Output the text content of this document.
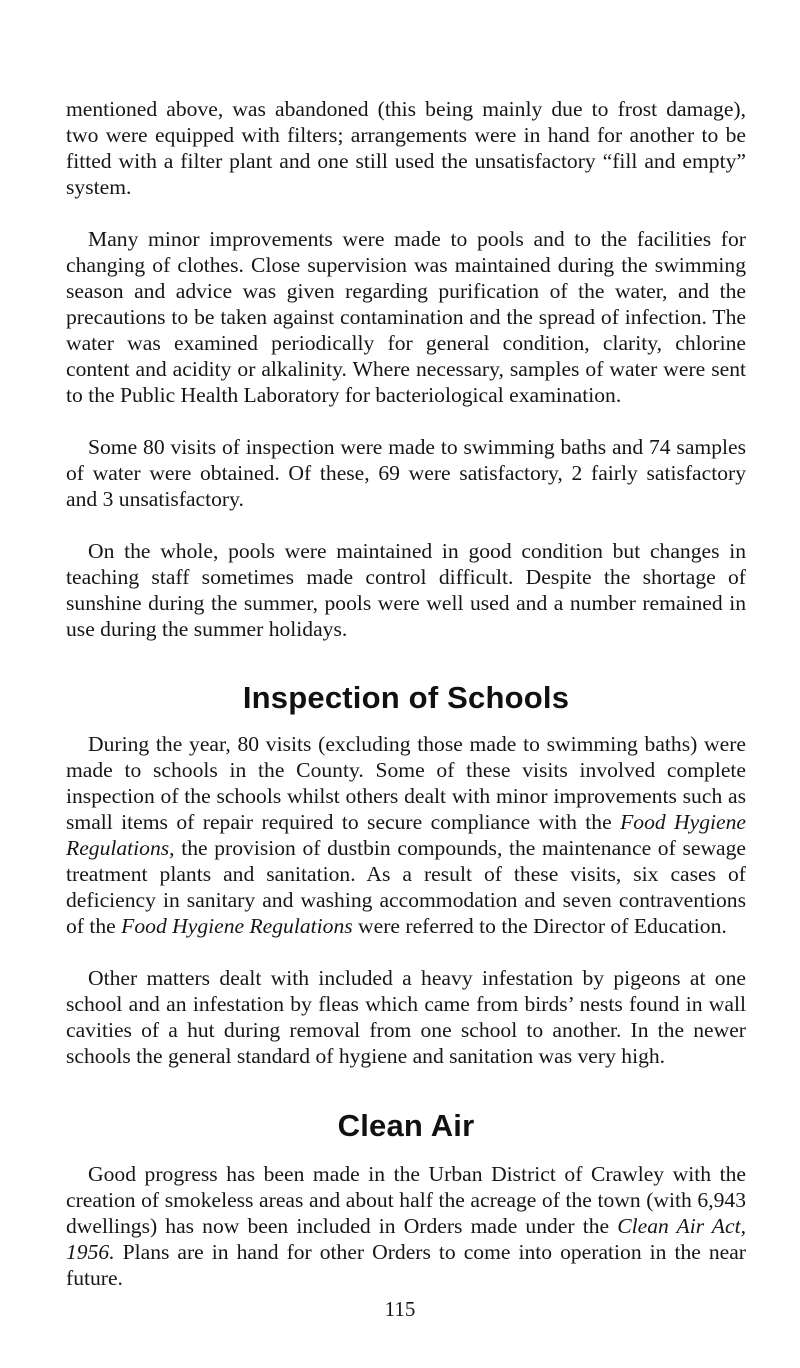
mentioned above, was abandoned (this being mainly due to frost damage), two were equipped with filters; arrangements were in hand for another to be fitted with a filter plant and one still used the unsatisfactory “fill and empty” system.

Many minor improvements were made to pools and to the facilities for changing of clothes. Close supervision was maintained during the swimming season and advice was given regarding purification of the water, and the precautions to be taken against contamination and the spread of infection. The water was examined periodically for general condition, clarity, chlorine content and acidity or alkalinity. Where necessary, samples of water were sent to the Public Health Laboratory for bacteriological examination.

Some 80 visits of inspection were made to swimming baths and 74 samples of water were obtained. Of these, 69 were satisfactory, 2 fairly satisfactory and 3 unsatisfactory.

On the whole, pools were maintained in good condition but changes in teaching staff sometimes made control difficult. Despite the shortage of sunshine during the summer, pools were well used and a number remained in use during the summer holidays.

Inspection of Schools

During the year, 80 visits (excluding those made to swimming baths) were made to schools in the County. Some of these visits involved complete inspection of the schools whilst others dealt with minor improvements such as small items of repair required to secure compliance with the Food Hygiene Regulations, the provision of dustbin compounds, the maintenance of sewage treatment plants and sanitation. As a result of these visits, six cases of deficiency in sanitary and washing accommodation and seven contraventions of the Food Hygiene Regulations were referred to the Director of Education.

Other matters dealt with included a heavy infestation by pigeons at one school and an infestation by fleas which came from birds’ nests found in wall cavities of a hut during removal from one school to another. In the newer schools the general standard of hygiene and sanitation was very high.

Clean Air

Good progress has been made in the Urban District of Crawley with the creation of smokeless areas and about half the acreage of the town (with 6,943 dwellings) has now been included in Orders made under the Clean Air Act, 1956. Plans are in hand for other Orders to come into operation in the near future.

115
